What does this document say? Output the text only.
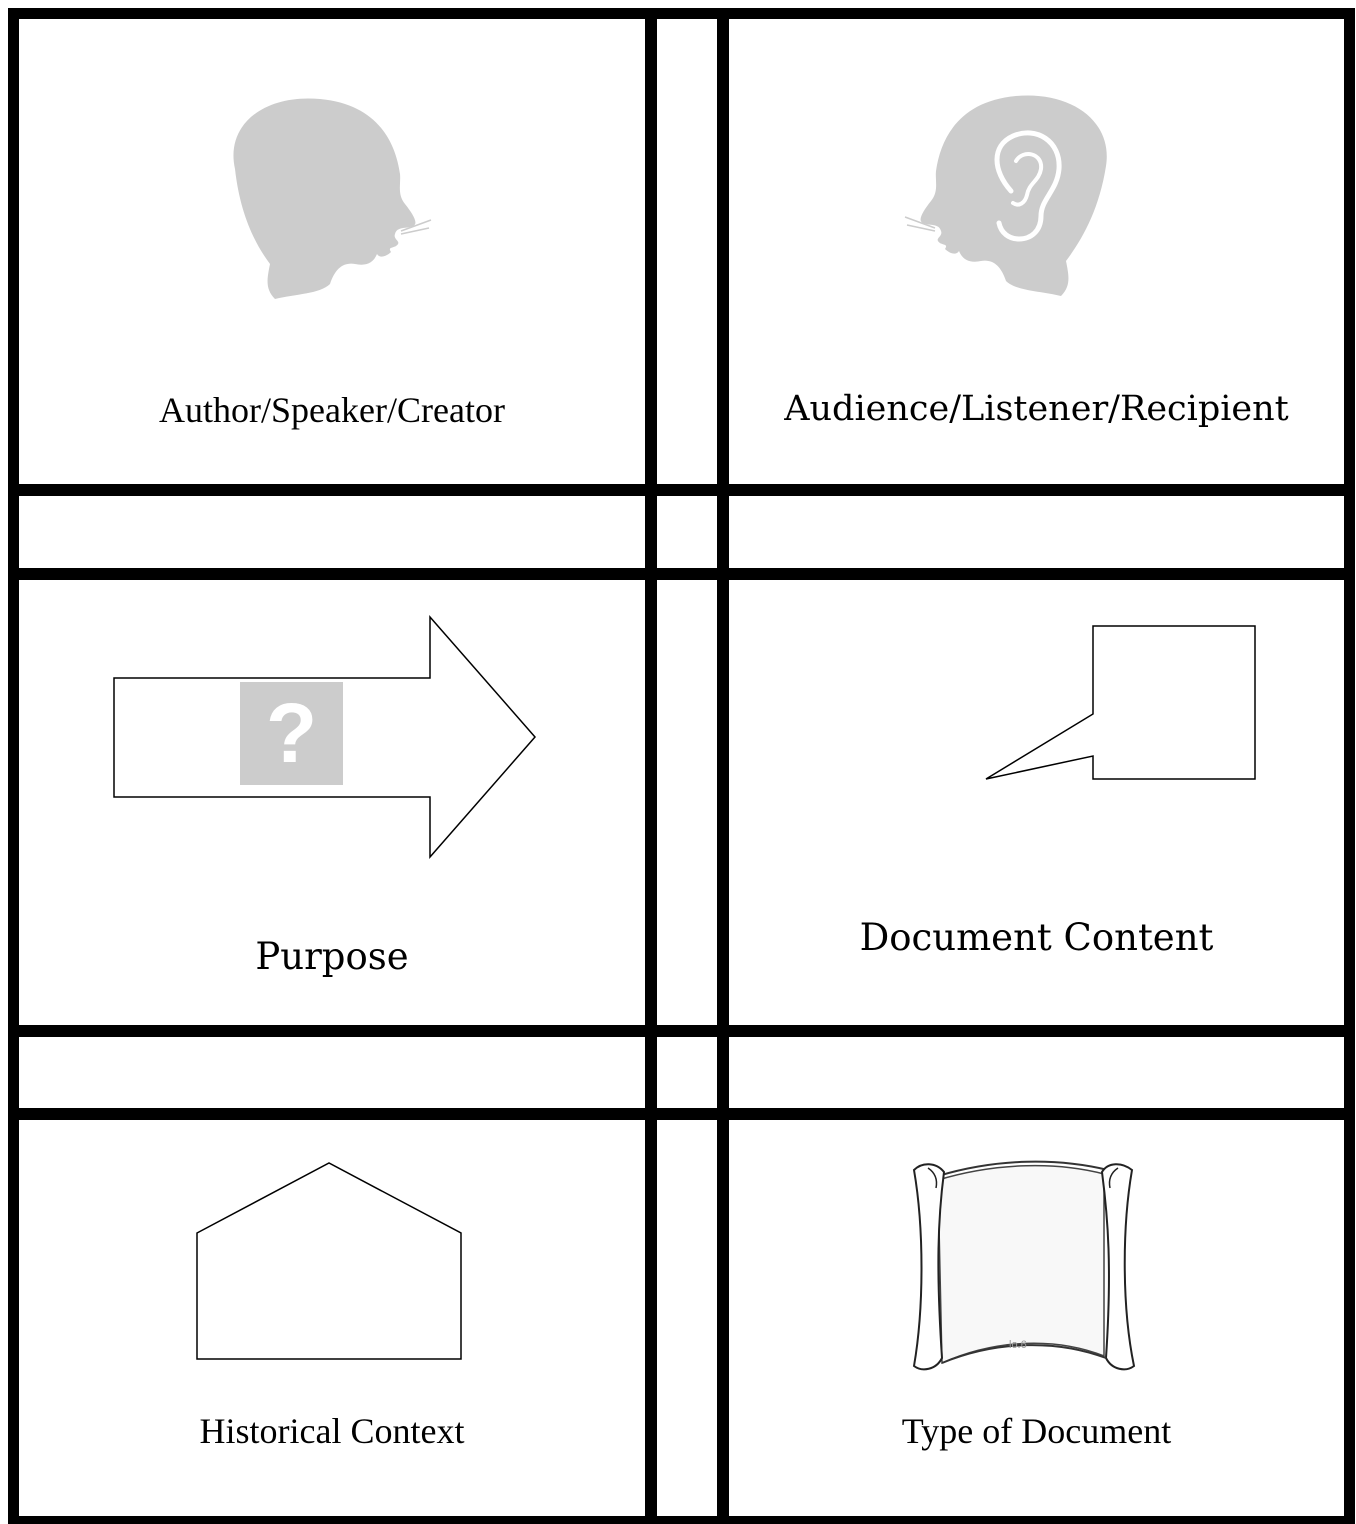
Author/Speaker/Creator	Audience/Listener/Recipient
?
Purpose	Document Content
Historical Context
lo.6
Type of Document
